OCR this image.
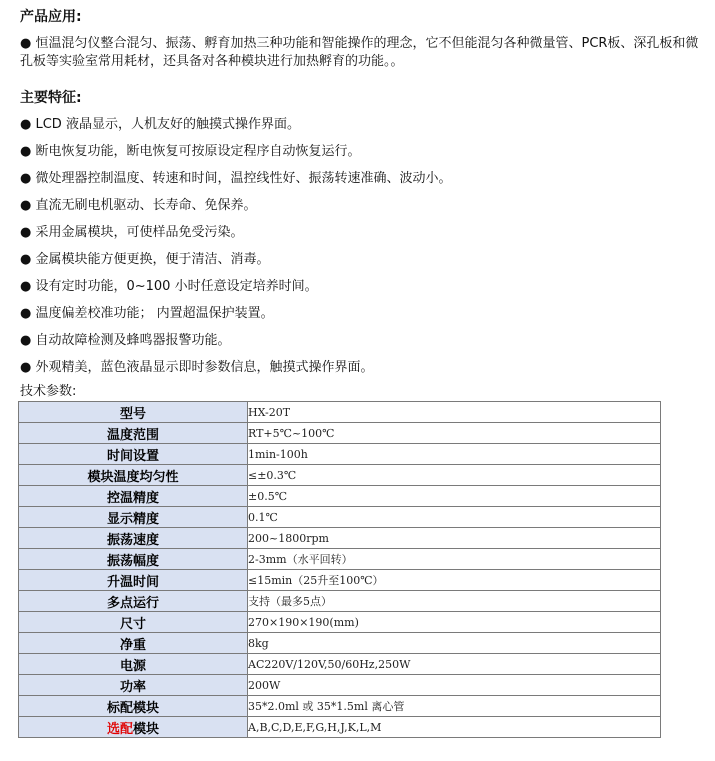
产品应用:
● 恒温混匀仪整合混匀、振荡、孵育加热三种功能和智能操作的理念，它不但能混匀各种微量管、PCR板、深孔板和微孔板等实验室常用耗材，还具备对各种模块进行加热孵育的功能。。
主要特征:
● LCD 液晶显示，人机友好的触摸式操作界面。
● 断电恢复功能，断电恢复可按原设定程序自动恢复运行。
● 微处理器控制温度、转速和时间，温控线性好、振荡转速准确、波动小。
● 直流无刷电机驱动、长寿命、免保养。
● 采用金属模块，可使样品免受污染。
● 金属模块能方便更换，便于清洁、消毒。
● 设有定时功能，0~100 小时任意设定培养时间。
● 温度偏差校准功能； 内置超温保护装置。
● 自动故障检测及蜂鸣器报警功能。
● 外观精美，蓝色液晶显示即时参数信息，触摸式操作界面。
技术参数:
型号	HX-20T
温度范围	RT+5℃~100℃
时间设置	1min-100h
模块温度均匀性	≤±0.3℃
控温精度	±0.5℃
显示精度	0.1℃
振荡速度	200~1800rpm
振荡幅度	2-3mm（水平回转）
升温时间	≤15min（25升至100℃）
多点运行	支持（最多5点）
尺寸	270×190×190(mm)
净重	8kg
电源	AC220V/120V,50/60Hz,250W
功率	200W
标配模块	35*2.0ml 或 35*1.5ml 离心管
选配模块	A,B,C,D,E,F,G,H,J,K,L,M
